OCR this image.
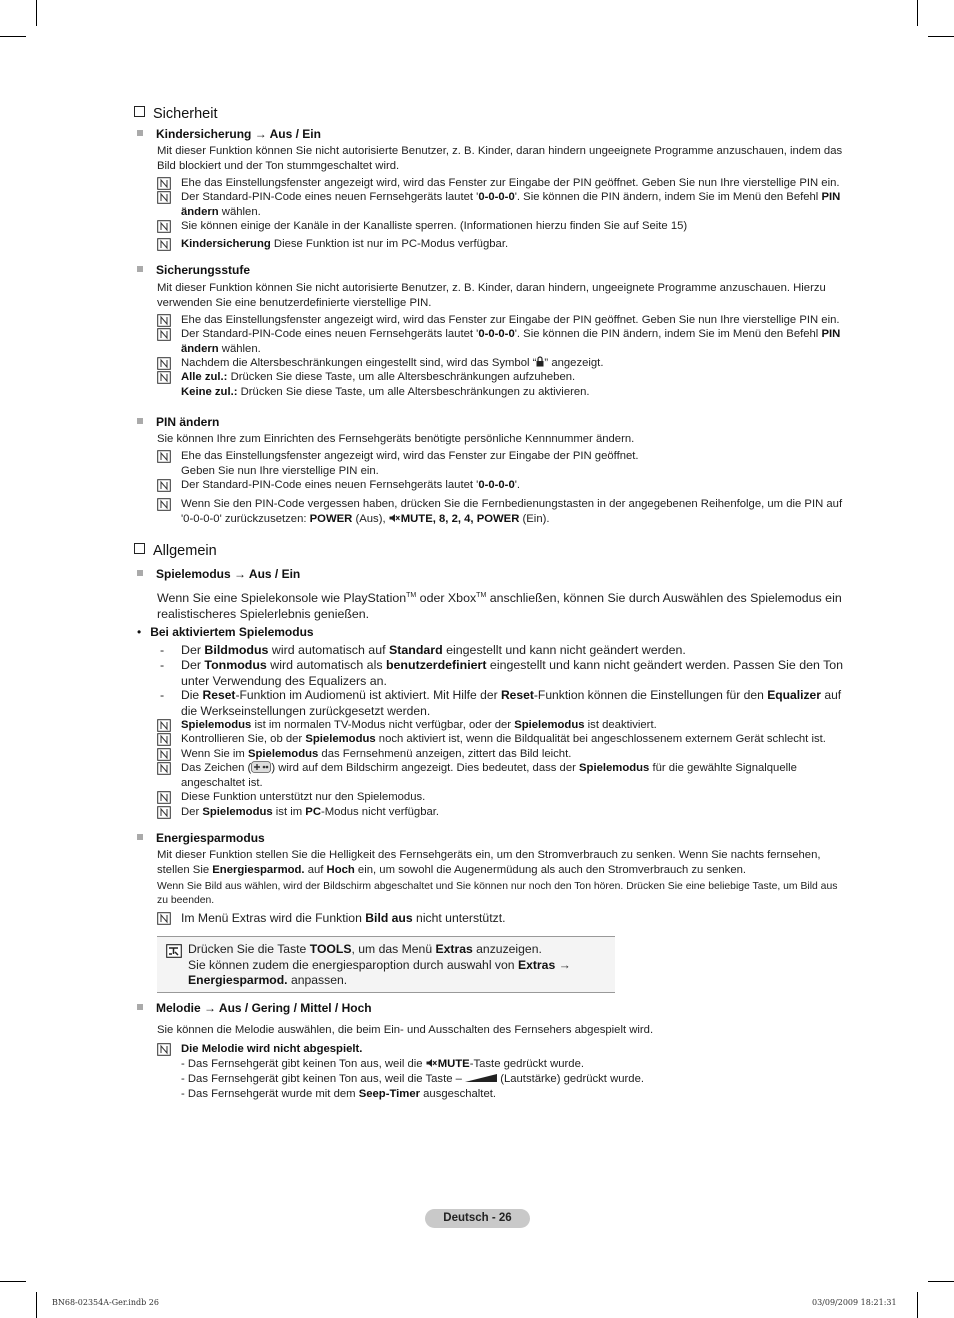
Sicherheit
Kindersicherung → Aus / Ein
Mit dieser Funktion können Sie nicht autorisierte Benutzer, z. B. Kinder, daran hindern ungeeignete Programme anzuschauen, indem das Bild blockiert und der Ton stummgeschaltet wird.
Ehe das Einstellungsfenster angezeigt wird, wird das Fenster zur Eingabe der PIN geöffnet. Geben Sie nun Ihre vierstellige PIN ein.
Der Standard-PIN-Code eines neuen Fernsehgeräts lautet '0-0-0-0'. Sie können die PIN ändern, indem Sie im Menü den Befehl PIN ändern wählen.
Sie können einige der Kanäle in der Kanalliste sperren. (Informationen hierzu finden Sie auf Seite 15)
Kindersicherung Diese Funktion ist nur im PC-Modus verfügbar.
Sicherungsstufe
Mit dieser Funktion können Sie nicht autorisierte Benutzer, z. B. Kinder, daran hindern, ungeeignete Programme anzuschauen. Hierzu verwenden Sie eine benutzerdefinierte vierstellige PIN.
Ehe das Einstellungsfenster angezeigt wird, wird das Fenster zur Eingabe der PIN geöffnet. Geben Sie nun Ihre vierstellige PIN ein.
Der Standard-PIN-Code eines neuen Fernsehgeräts lautet '0-0-0-0'. Sie können die PIN ändern, indem Sie im Menü den Befehl PIN ändern wählen.
Nachdem die Altersbeschränkungen eingestellt sind, wird das Symbol “ ” angezeigt.
Alle zul.: Drücken Sie diese Taste, um alle Altersbeschränkungen aufzuheben.
Keine zul.: Drücken Sie diese Taste, um alle Altersbeschränkungen zu aktivieren.
PIN ändern
Sie können Ihre zum Einrichten des Fernsehgeräts benötigte persönliche Kennnummer ändern.
Ehe das Einstellungsfenster angezeigt wird, wird das Fenster zur Eingabe der PIN geöffnet.
Geben Sie nun Ihre vierstellige PIN ein.
Der Standard-PIN-Code eines neuen Fernsehgeräts lautet '0-0-0-0'.
Wenn Sie den PIN-Code vergessen haben, drücken Sie die Fernbedienungstasten in der angegebenen Reihenfolge, um die PIN auf '0-0-0-0' zurückzusetzen: POWER (Aus), MUTE, 8, 2, 4, POWER (Ein).
Allgemein
Spielemodus → Aus / Ein
Wenn Sie eine Spielekonsole wie PlayStation™ oder Xbox™ anschließen, können Sie durch Auswählen des Spielemodus ein realistischeres Spielerlebnis genießen.
• Bei aktiviertem Spielemodus
- Der Bildmodus wird automatisch auf Standard eingestellt und kann nicht geändert werden.
- Der Tonmodus wird automatisch als benutzerdefiniert eingestellt und kann nicht geändert werden. Passen Sie den Ton unter Verwendung des Equalizers an.
- Die Reset-Funktion im Audiomenü ist aktiviert. Mit Hilfe der Reset-Funktion können die Einstellungen für den Equalizer auf die Werkseinstellungen zurückgesetzt werden.
Spielemodus ist im normalen TV-Modus nicht verfügbar, oder der Spielemodus ist deaktiviert.
Kontrollieren Sie, ob der Spielemodus noch aktiviert ist, wenn die Bildqualität bei angeschlossenem externem Gerät schlecht ist.
Wenn Sie im Spielemodus das Fernsehmenü anzeigen, zittert das Bild leicht.
Das Zeichen ( ) wird auf dem Bildschirm angezeigt. Dies bedeutet, dass der Spielemodus für die gewählte Signalquelle angeschaltet ist.
Diese Funktion unterstützt nur den Spielemodus.
Der Spielemodus ist im PC-Modus nicht verfügbar.
Energiesparmodus
Mit dieser Funktion stellen Sie die Helligkeit des Fernsehgeräts ein, um den Stromverbrauch zu senken. Wenn Sie nachts fernsehen, stellen Sie Energiesparmod. auf Hoch ein, um sowohl die Augenermüdung als auch den Stromverbrauch zu senken.
Wenn Sie Bild aus wählen, wird der Bildschirm abgeschaltet und Sie können nur noch den Ton hören. Drücken Sie eine beliebige Taste, um Bild aus zu beenden.
Im Menü Extras wird die Funktion Bild aus nicht unterstützt.
Drücken Sie die Taste TOOLS, um das Menü Extras anzuzeigen.
Sie können zudem die energiesparoption durch auswahl von Extras →
Energiesparmod. anpassen.
Melodie → Aus / Gering / Mittel / Hoch
Sie können die Melodie auswählen, die beim Ein- und Ausschalten des Fernsehers abgespielt wird.
Die Melodie wird nicht abgespielt.
- Das Fernsehgerät gibt keinen Ton aus, weil die MUTE-Taste gedrückt wurde.
- Das Fernsehgerät gibt keinen Ton aus, weil die Taste –	(Lautstärke) gedrückt wurde.
- Das Fernsehgerät wurde mit dem Seep-Timer ausgeschaltet.
Deutsch - 26
BN68-02354A-Ger.indb 26	03/09/2009 18:21:31
